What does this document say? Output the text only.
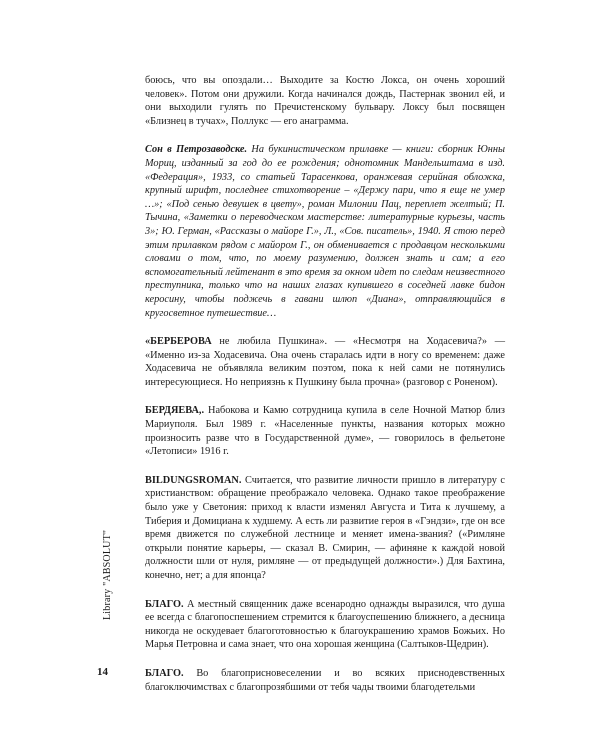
боюсь, что вы опоздали… Выходите за Костю Локса, он очень хороший человек». Потом они дружили. Когда начинался дождь, Пастернак звонил ей, и они выходили гулять по Пречистенскому бульвару. Локсу был посвящен «Близнец в тучах», Поллукс — его анаграмма.

Сон в Петрозаводске. На букинистическом прилавке — книги: сборник Юнны Мориц, изданный за год до ее рождения; однотомник Мандельштама в изд. «Федерация», 1933, со статьей Тарасенкова, оранжевая серийная обложка, крупный шрифт, последнее стихотворение – «Держу пари, что я еще не умер …»; «Под сенью девушек в цвету», роман Милонии Пац, переплет желтый; П. Тычина, «Заметки о переводческом мастерстве: литературные курьезы, часть 3»; Ю. Герман, «Рассказы о майоре Г.», Л., «Сов. писатель», 1940. Я стою перед этим прилавком рядом с майором Г., он обменивается с продавцом несколькими словами о том, что, по моему разумению, должен знать и сам; а его вспомогательный лейтенант в это время за окном идет по следам неизвестного преступника, только что на наших глазах купившего в соседней лавке бидон керосину, чтобы поджечь в гавани шлюп «Диана», отправляющийся в кругосветное путешествие…

«БЕРБЕРОВА не любила Пушкина». — «Несмотря на Ходасевича?» — «Именно из-за Ходасевича. Она очень старалась идти в ногу со временем: даже Ходасевича не объявляла великим поэтом, пока к ней сами не потянулись интересующиеся. Но неприязнь к Пушкину была прочна» (разговор с Роненом).

БЕРДЯЕВА,. Набокова и Камю сотрудница купила в селе Ночной Матюр близ Мариуполя. Был 1989 г. «Населенные пункты, названия которых можно произносить разве что в Государственной думе», — говорилось в фельетоне «Летописи» 1916 г.

BILDUNGSROMAN. Считается, что развитие личности пришло в литературу с христианством: обращение преображало человека. Однако такое преображение было уже у Светония: приход к власти изменял Августа и Тита к лучшему, а Тиберия и Домициана к худшему. А есть ли развитие героя в «Гэндзи», где он все время движется по служебной лестнице и меняет имена-звания? («Римляне открыли понятие карьеры, — сказал В. Смирин, — афиняне к каждой новой должности шли от нуля, римляне — от предыдущей должности».) Для Бахтина, конечно, нет; а для японца?

БЛАГО. А местный священник даже всенародно однажды выразился, что душа ее всегда с благопоспешением стремится к благоуспешению ближнего, а десница никогда не оскудевает благоготовностью к благоукрашению храмов Божьих. Но Марья Петровна и сама знает, что она хорошая женщина (Салтыков-Щедрин).

БЛАГО. Во благоприсновеселении и во всяких приснодевственных благоключимствах с благопрозябшими от тебя чады твоими благодетельми

Library "ABSOLUT"
14
